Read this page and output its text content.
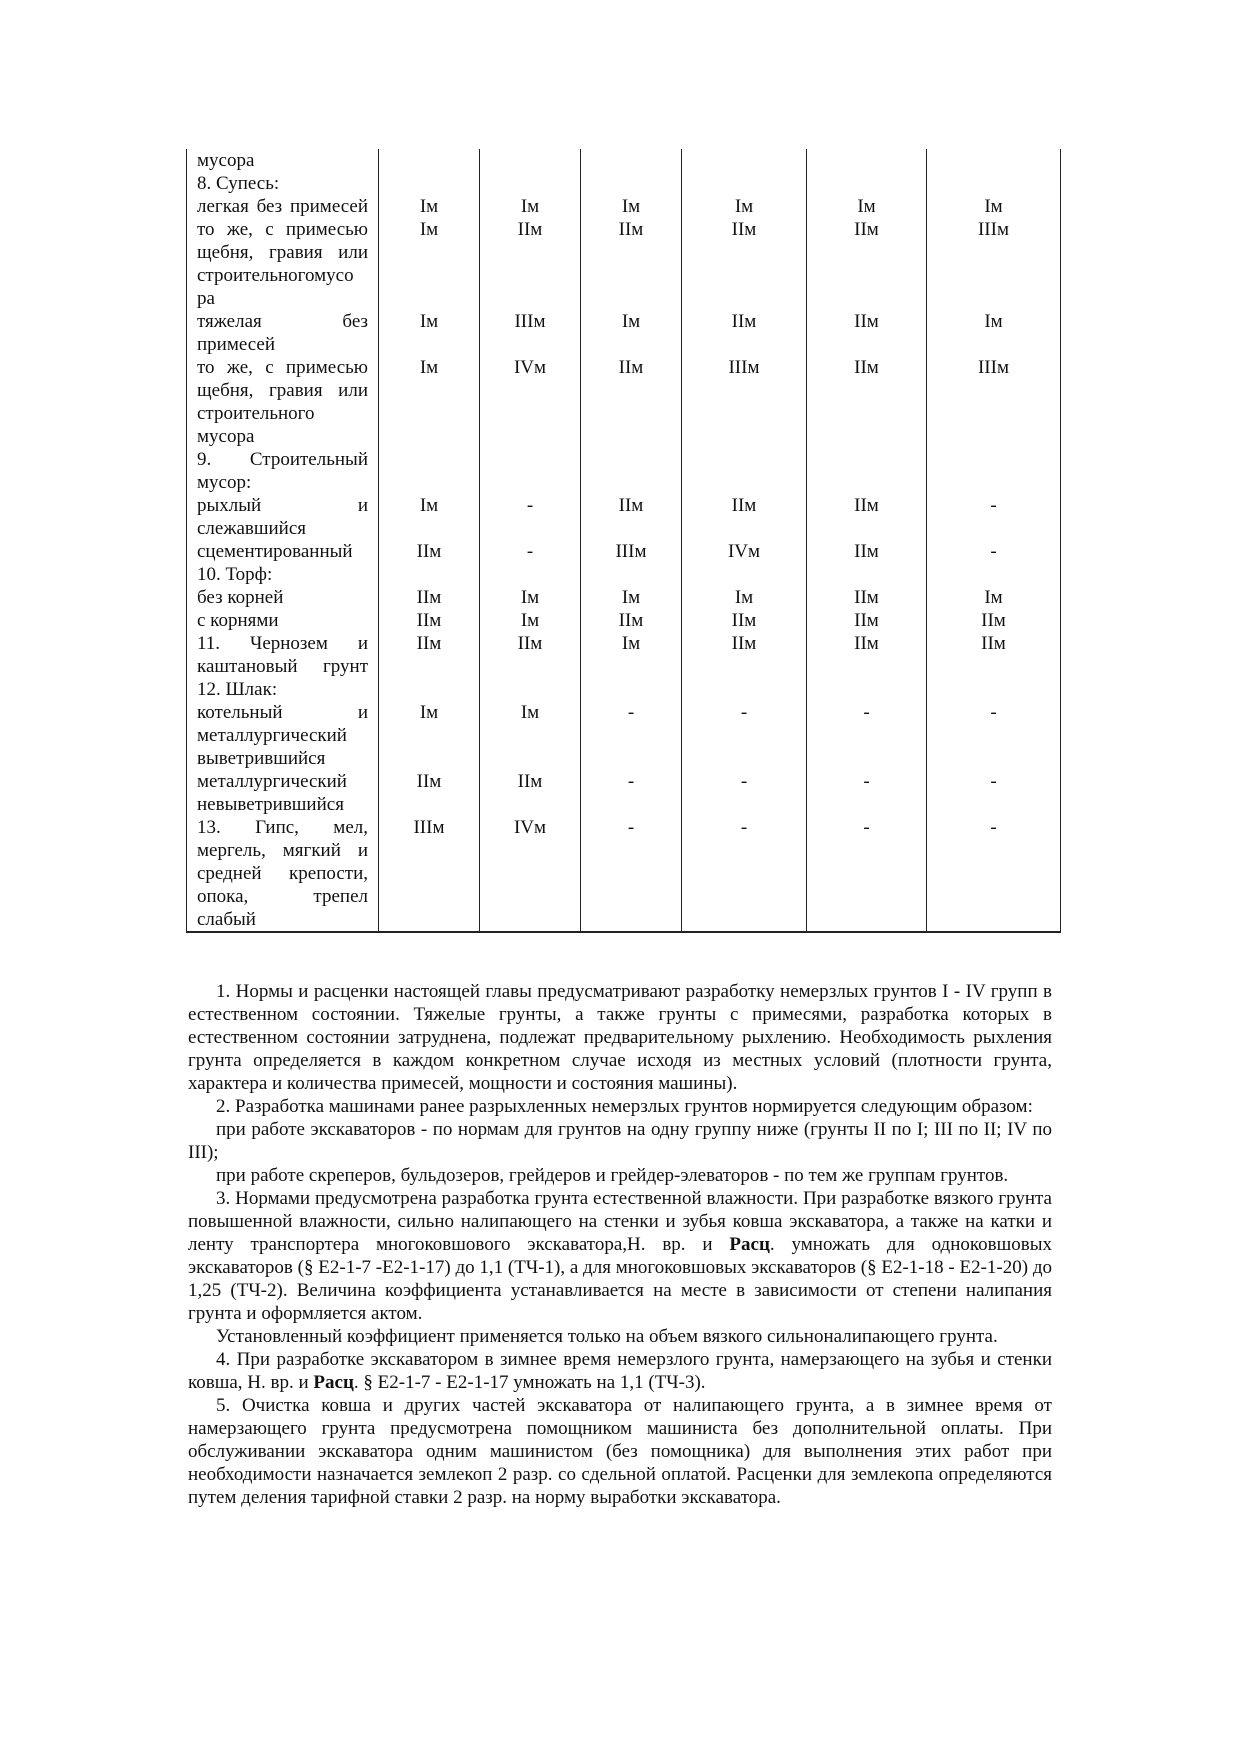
мусора						
8. Супесь:						
легкая без примесей	Iм	Iм	Iм	Iм	Iм	Iм
то же, с примесью щебня, гравия или строительногомусо ра	Iм	IIм	IIм	IIм	IIм	IIIм
тяжелая без примесей	Iм	IIIм	Iм	IIм	IIм	Iм
то же, с примесью щебня, гравия или строительного мусора	Iм	IVм	IIм	IIIм	IIм	IIIм
9. Строительный мусор:						
рыхлый и слежавшийся	Iм	-	IIм	IIм	IIм	-
сцементированный	IIм	-	IIIм	IVм	IIм	-
10. Торф:						
без корней	IIм	Iм	Iм	Iм	IIм	Iм
с корнями	IIм	Iм	IIм	IIм	IIм	IIм
11. Чернозем и каштановый грунт	IIм	IIм	Iм	IIм	IIм	IIм
12. Шлак:						
котельный и металлургический выветрившийся	Iм	Iм	-	-	-	-
металлургический невыветрившийся	IIм	IIм	-	-	-	-
13. Гипс, мел, мергель, мягкий и средней крепости, опока, трепел слабый	IIIм	IVм	-	-	-	-

1. Нормы и расценки настоящей главы предусматривают разработку немерзлых грунтов I - IV групп в естественном состоянии. Тяжелые грунты, а также грунты с примесями, разработка которых в естественном состоянии затруднена, подлежат предварительному рыхлению. Необходимость рыхления грунта определяется в каждом конкретном случае исходя из местных условий (плотности грунта, характера и количества примесей, мощности и состояния машины).

2. Разработка машинами ранее разрыхленных немерзлых грунтов нормируется следующим образом:

при работе экскаваторов - по нормам для грунтов на одну группу ниже (грунты II по I; III по II; IV по III);

при работе скреперов, бульдозеров, грейдеров и грейдер-элеваторов - по тем же группам грунтов.

3. Нормами предусмотрена разработка грунта естественной влажности. При разработке вязкого грунта повышенной влажности, сильно налипающего на стенки и зубья ковша экскаватора, а также на катки и ленту транспортера многоковшового экскаватора,Н. вр. и Расц. умножать для одноковшовых экскаваторов (§ Е2-1-7 -Е2-1-17) до 1,1 (ТЧ-1), а для многоковшовых экскаваторов (§ Е2-1-18 - Е2-1-20) до 1,25 (ТЧ-2). Величина коэффициента устанавливается на месте в зависимости от степени налипания грунта и оформляется актом.

Установленный коэффициент применяется только на объем вязкого сильноналипающего грунта.

4. При разработке экскаватором в зимнее время немерзлого грунта, намерзающего на зубья и стенки ковша, Н. вр. и Расц. § Е2-1-7 - Е2-1-17 умножать на 1,1 (ТЧ-3).

5. Очистка ковша и других частей экскаватора от налипающего грунта, а в зимнее время от намерзающего грунта предусмотрена помощником машиниста без дополнительной оплаты. При обслуживании экскаватора одним машинистом (без помощника) для выполнения этих работ при необходимости назначается землекоп 2 разр. со сдельной оплатой. Расценки для землекопа определяются путем деления тарифной ставки 2 разр. на норму выработки экскаватора.
